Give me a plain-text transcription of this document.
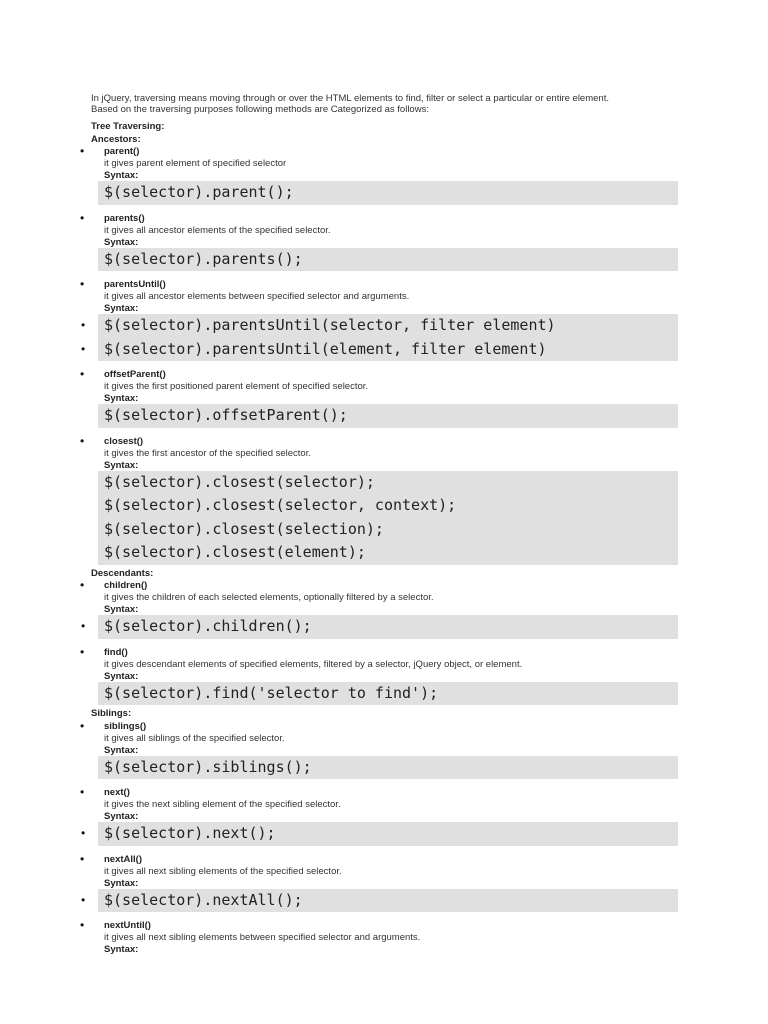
In jQuery, traversing means moving through or over the HTML elements to find, filter or select a particular or entire element.

Based on the traversing purposes following methods are Categorized as follows:

Tree Traversing:
Ancestors:
• parent()
it gives parent element of specified selector
Syntax:
$(selector).parent();
• parents()
it gives all ancestor elements of the specified selector.
Syntax:
$(selector).parents();
• parentsUntil()
it gives all ancestor elements between specified selector and arguments.
Syntax:
• $(selector).parentsUntil(selector, filter element)
• $(selector).parentsUntil(element, filter element)
• offsetParent()
it gives the first positioned parent element of specified selector.
Syntax:
$(selector).offsetParent();
• closest()
it gives the first ancestor of the specified selector.
Syntax:
$(selector).closest(selector);
$(selector).closest(selector, context);
$(selector).closest(selection);
$(selector).closest(element);
Descendants:
• children()
it gives the children of each selected elements, optionally filtered by a selector.
Syntax:
• $(selector).children();
• find()
it gives descendant elements of specified elements, filtered by a selector, jQuery object, or element.
Syntax:
$(selector).find('selector to find');
Siblings:
• siblings()
it gives all siblings of the specified selector.
Syntax:
$(selector).siblings();
• next()
it gives the next sibling element of the specified selector.
Syntax:
• $(selector).next();
• nextAll()
it gives all next sibling elements of the specified selector.
Syntax:
• $(selector).nextAll();
• nextUntil()
it gives all next sibling elements between specified selector and arguments.
Syntax:
